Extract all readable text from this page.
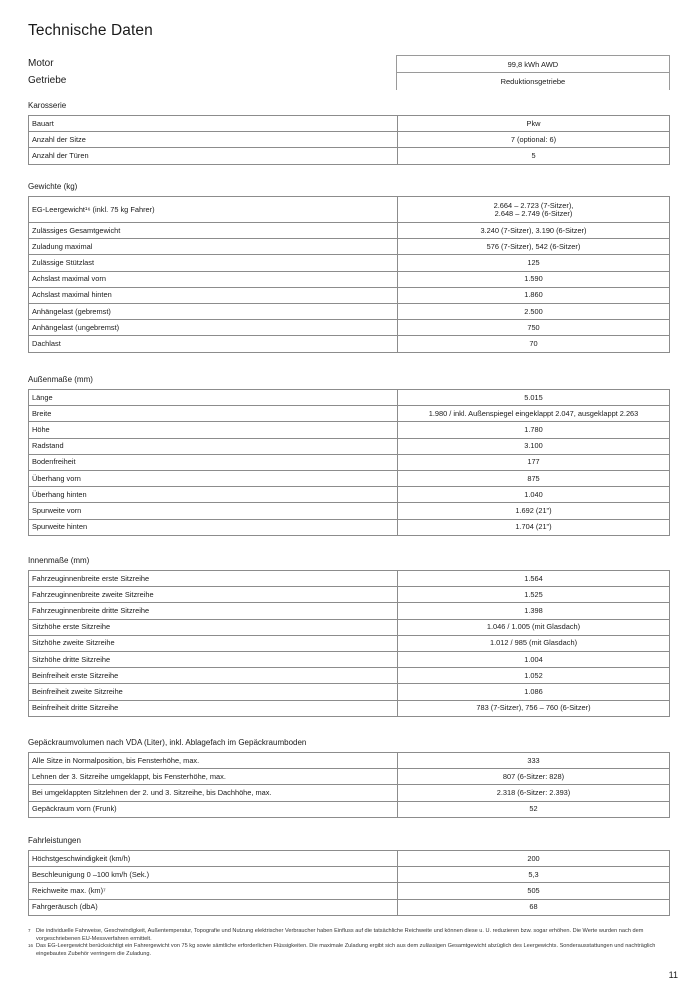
Technische Daten
Motor	99,8 kWh AWD
Getriebe	Reduktionsgetriebe
Karosserie
Bauart	Pkw
Anzahl der Sitze	7 (optional: 6)
Anzahl der Türen	5
Gewichte (kg)
EG-Leergewicht¹⁶ (inkl. 75 kg Fahrer)	2.664 – 2.723 (7-Sitzer),
2.648 – 2.749 (6-Sitzer)
Zulässiges Gesamtgewicht	3.240 (7-Sitzer), 3.190 (6-Sitzer)
Zuladung maximal	576 (7-Sitzer), 542 (6-Sitzer)
Zulässige Stützlast	125
Achslast maximal vorn	1.590
Achslast maximal hinten	1.860
Anhängelast (gebremst)	2.500
Anhängelast (ungebremst)	750
Dachlast	70
Außenmaße (mm)
Länge	5.015
Breite	1.980 / inkl. Außenspiegel eingeklappt 2.047, ausgeklappt 2.263
Höhe	1.780
Radstand	3.100
Bodenfreiheit	177
Überhang vorn	875
Überhang hinten	1.040
Spurweite vorn	1.692 (21")
Spurweite hinten	1.704 (21")
Innenmaße (mm)
Fahrzeuginnenbreite erste Sitzreihe	1.564
Fahrzeuginnenbreite zweite Sitzreihe	1.525
Fahrzeuginnenbreite dritte Sitzreihe	1.398
Sitzhöhe erste Sitzreihe	1.046 / 1.005 (mit Glasdach)
Sitzhöhe zweite Sitzreihe	1.012 / 985 (mit Glasdach)
Sitzhöhe dritte Sitzreihe	1.004
Beinfreiheit erste Sitzreihe	1.052
Beinfreiheit zweite Sitzreihe	1.086
Beinfreiheit dritte Sitzreihe	783 (7-Sitzer), 756 – 760 (6-Sitzer)
Gepäckraumvolumen nach VDA (Liter), inkl. Ablagefach im Gepäckraumboden
Alle Sitze in Normalposition, bis Fensterhöhe, max.	333
Lehnen der 3. Sitzreihe umgeklappt, bis Fensterhöhe, max.	807 (6-Sitzer: 828)
Bei umgeklappten Sitzlehnen der 2. und 3. Sitzreihe, bis Dachhöhe, max.	2.318 (6-Sitzer: 2.393)
Gepäckraum vorn (Frunk)	52
Fahrleistungen
Höchstgeschwindigkeit (km/h)	200
Beschleunigung 0 –100 km/h (Sek.)	5,3
Reichweite max. (km)⁷	505
Fahrgeräusch (dbA)	68
7 Die individuelle Fahrweise, Geschwindigkeit, Außentemperatur, Topografie und Nutzung elektrischer Verbraucher haben Einfluss auf die tatsächliche Reichweite und können diese u. U. reduzieren bzw. sogar erhöhen. Die Werte wurden nach dem vorgeschriebenen EU-Messverfahren ermittelt.
16 Das EG-Leergewicht berücksichtigt ein Fahrergewicht von 75 kg sowie sämtliche erforderlichen Flüssigkeiten. Die maximale Zuladung ergibt sich aus dem zulässigen Gesamtgewicht abzüglich des Leergewichts. Sonderausstattungen und nachträglich eingebautes Zubehör verringern die Zuladung.
11
